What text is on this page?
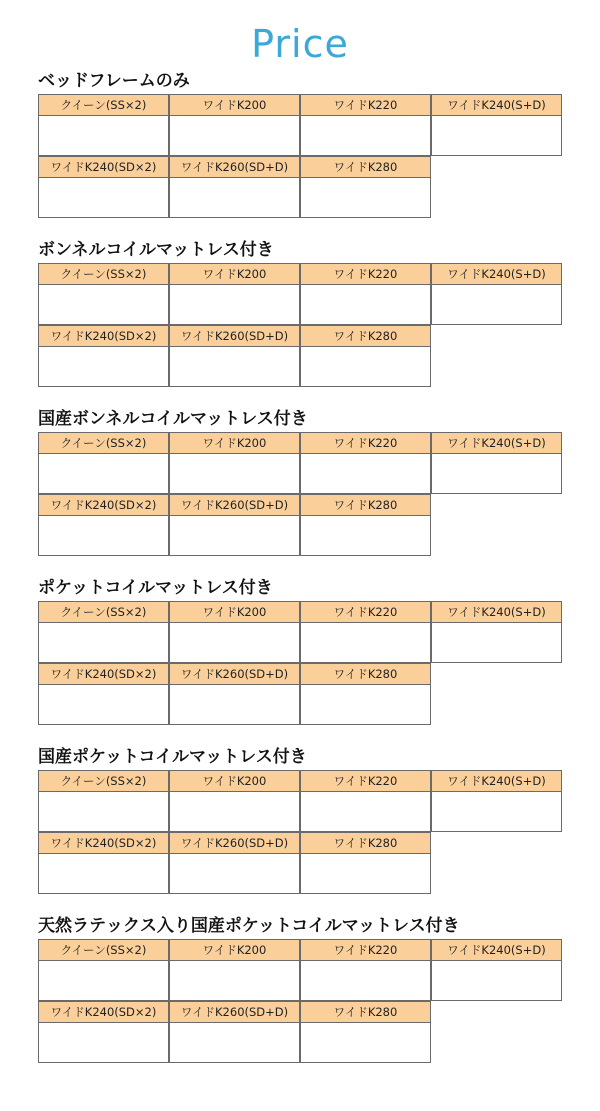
Price
ベッドフレームのみ
クイーン(SS×2)	ワイドK200	ワイドK220	ワイドK240(S+D)
ワイドK240(SD×2)	ワイドK260(SD+D)	ワイドK280
ボンネルコイルマットレス付き
クイーン(SS×2)	ワイドK200	ワイドK220	ワイドK240(S+D)
ワイドK240(SD×2)	ワイドK260(SD+D)	ワイドK280
国産ボンネルコイルマットレス付き
クイーン(SS×2)	ワイドK200	ワイドK220	ワイドK240(S+D)
ワイドK240(SD×2)	ワイドK260(SD+D)	ワイドK280
ポケットコイルマットレス付き
クイーン(SS×2)	ワイドK200	ワイドK220	ワイドK240(S+D)
ワイドK240(SD×2)	ワイドK260(SD+D)	ワイドK280
国産ポケットコイルマットレス付き
クイーン(SS×2)	ワイドK200	ワイドK220	ワイドK240(S+D)
ワイドK240(SD×2)	ワイドK260(SD+D)	ワイドK280
天然ラテックス入り国産ポケットコイルマットレス付き
クイーン(SS×2)	ワイドK200	ワイドK220	ワイドK240(S+D)
ワイドK240(SD×2)	ワイドK260(SD+D)	ワイドK280
